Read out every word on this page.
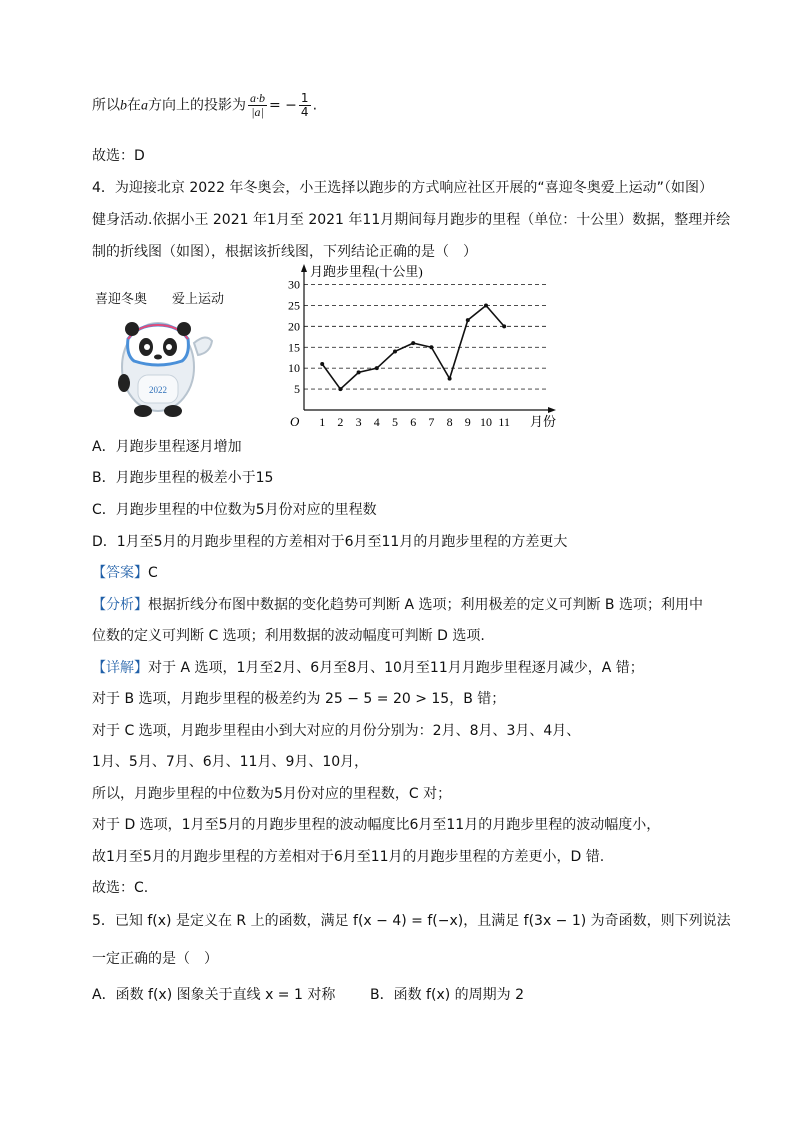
所以b在a方向上的投影为 $\frac{a\cdot b}{|a|}$ = − $\frac{1}{4}$ .
故选：D
4．为迎接北京 2022 年冬奥会，小王选择以跑步的方式响应社区开展的“喜迎冬奥爱上运动”（如图）
健身活动.依据小王 2021 年1月至 2021 年11月期间每月跑步的里程（单位：十公里）数据，整理并绘
制的折线图（如图），根据该折线图，下列结论正确的是（　）
喜迎冬奥 爱上运动
2022
月跑步里程(十公里)
月份
O
5
10
15
20
25
30
1 2 3 4 5 6 7 8 9 10 11
A．月跑步里程逐月增加
B．月跑步里程的极差小于15
C．月跑步里程的中位数为5月份对应的里程数
D．1月至5月的月跑步里程的方差相对于6月至11月的月跑步里程的方差更大
【答案】C
【分析】根据折线分布图中数据的变化趋势可判断 A 选项；利用极差的定义可判断 B 选项；利用中
位数的定义可判断 C 选项；利用数据的波动幅度可判断 D 选项.
【详解】对于 A 选项，1月至2月、6月至8月、10月至11月月跑步里程逐月减少，A 错；
对于 B 选项，月跑步里程的极差约为 25 − 5 = 20 > 15，B 错；
对于 C 选项，月跑步里程由小到大对应的月份分别为：2月、8月、3月、4月、
1月、5月、7月、6月、11月、9月、10月，
所以，月跑步里程的中位数为5月份对应的里程数，C 对；
对于 D 选项，1月至5月的月跑步里程的波动幅度比6月至11月的月跑步里程的波动幅度小，
故1月至5月的月跑步里程的方差相对于6月至11月的月跑步里程的方差更小，D 错.
故选：C.
5．已知 f(x) 是定义在 R 上的函数，满足 f(x − 4) = f(−x)，且满足 f(3x − 1) 为奇函数，则下列说法
一定正确的是（　）
A．函数 f(x) 图象关于直线 x = 1 对称 B．函数 f(x) 的周期为 2
